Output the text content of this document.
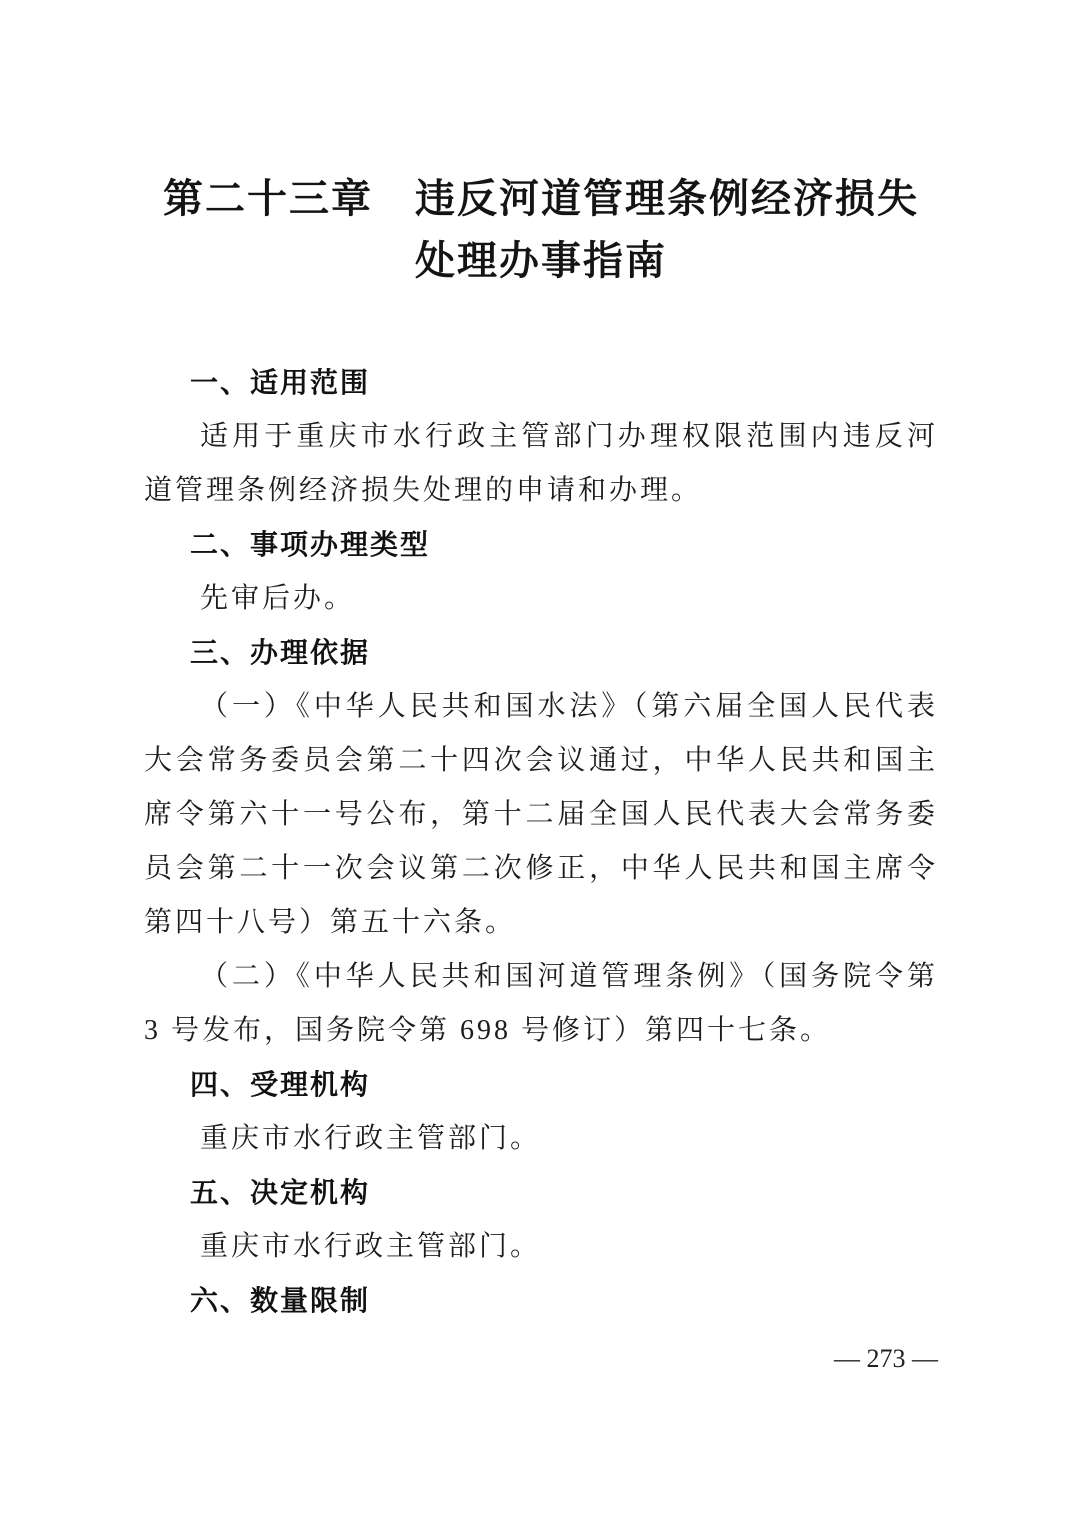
第二十三章　违反河道管理条例经济损失
处理办事指南
一、适用范围

适用于重庆市水行政主管部门办理权限范围内违反河道管理条例经济损失处理的申请和办理。

二、事项办理类型

先审后办。

三、办理依据

（一）《中华人民共和国水法》（第六届全国人民代表大会常务委员会第二十四次会议通过，中华人民共和国主席令第六十一号公布，第十二届全国人民代表大会常务委员会第二十一次会议第二次修正，中华人民共和国主席令第四十八号）第五十六条。

（二）《中华人民共和国河道管理条例》（国务院令第 3 号发布，国务院令第 698 号修订）第四十七条。

四、受理机构

重庆市水行政主管部门。

五、决定机构

重庆市水行政主管部门。

六、数量限制

— 273 —
